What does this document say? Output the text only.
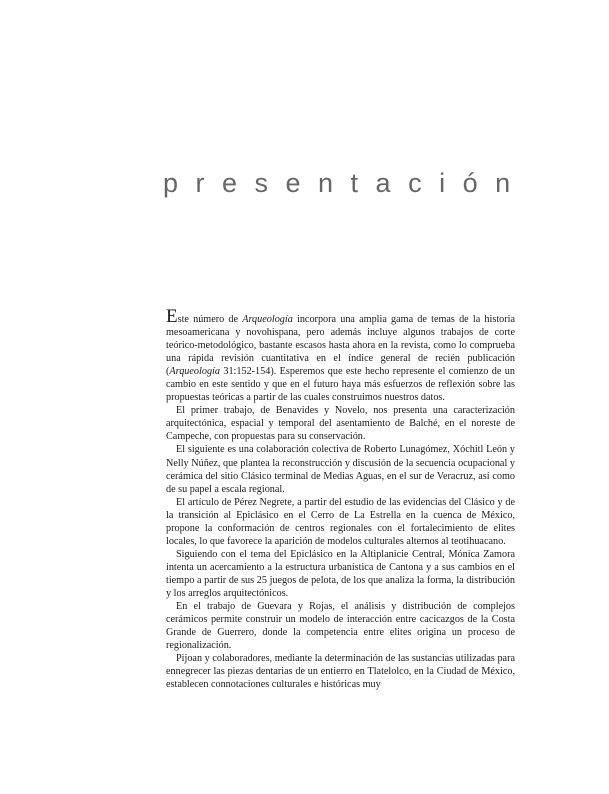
presentación

Este número de Arqueología incorpora una amplia gama de temas de la historia mesoamericana y novohispana, pero además incluye algunos trabajos de corte teórico-metodológico, bastante escasos hasta ahora en la revista, como lo comprueba una rápida revisión cuantitativa en el índice general de recién publicación (Arqueología 31:152-154). Esperemos que este hecho represente el comienzo de un cambio en este sentido y que en el futuro haya más esfuerzos de reflexión sobre las propuestas teóricas a partir de las cuales construimos nuestros datos.

El primer trabajo, de Benavides y Novelo, nos presenta una caracterización arquitectónica, espacial y temporal del asentamiento de Balché, en el noreste de Campeche, con propuestas para su conservación.

El siguiente es una colaboración colectiva de Roberto Lunagómez, Xóchitl León y Nelly Núñez, que plantea la reconstrucción y discusión de la secuencia ocupacional y cerámica del sitio Clásico terminal de Medias Aguas, en el sur de Veracruz, así como de su papel a escala regional.

El artículo de Pérez Negrete, a partir del estudio de las evidencias del Clásico y de la transición al Epiclásico en el Cerro de La Estrella en la cuenca de México, propone la conformación de centros regionales con el fortalecimiento de elites locales, lo que favorece la aparición de modelos culturales alternos al teotihuacano.

Siguiendo con el tema del Epiclásico en la Altiplanicie Central, Mónica Zamora intenta un acercamiento a la estructura urbanística de Cantona y a sus cambios en el tiempo a partir de sus 25 juegos de pelota, de los que analiza la forma, la distribución y los arreglos arquitectónicos.

En el trabajo de Guevara y Rojas, el análisis y distribución de complejos cerámicos permite construir un modelo de interacción entre cacicazgos de la Costa Grande de Guerrero, donde la competencia entre elites origina un proceso de regionalización.

Pijoan y colaboradores, mediante la determinación de las sustancias utilizadas para ennegrecer las piezas dentarias de un entierro en Tlatelolco, en la Ciudad de México, establecen connotaciones culturales e históricas muy
